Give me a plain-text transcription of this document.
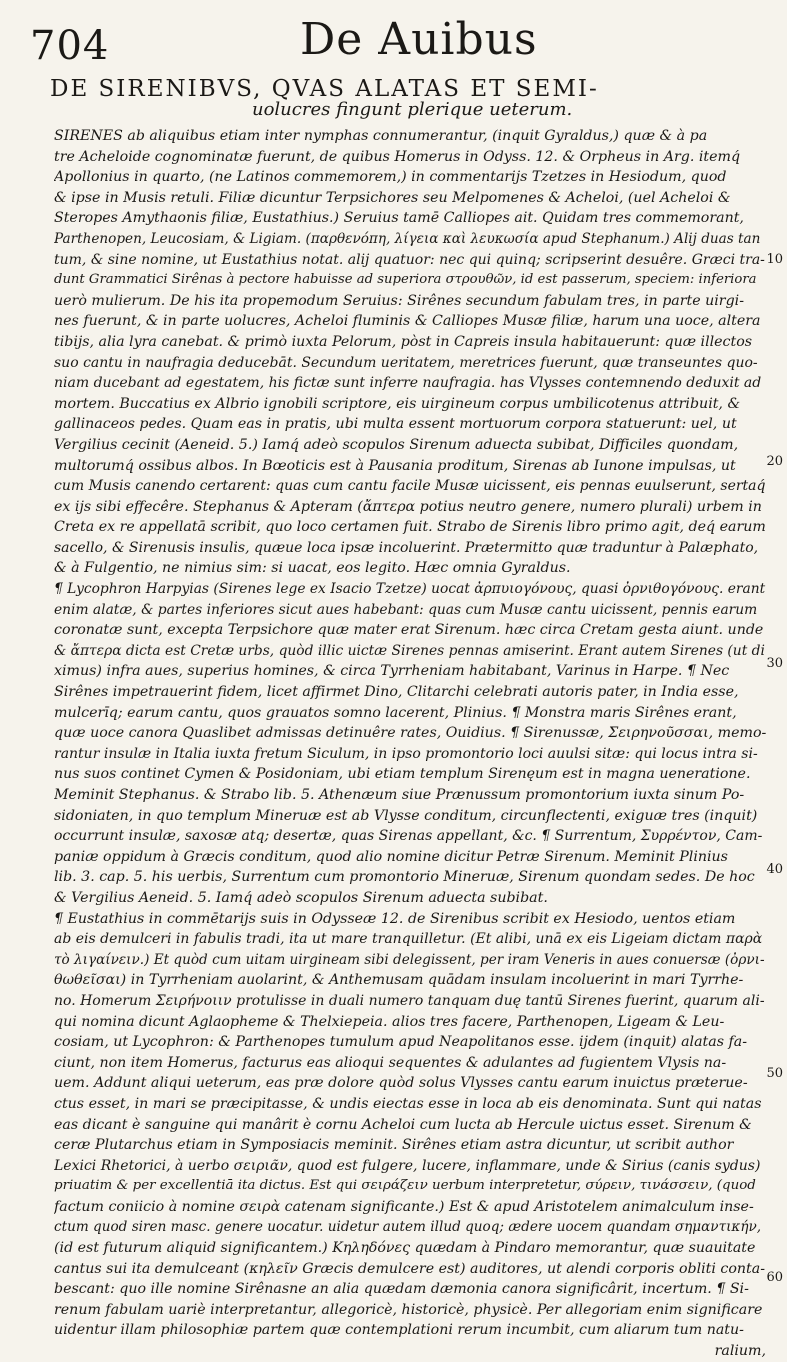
704	De Auibus
DE SIRENIBVS, QVAS ALATAS ET SEMI-
uolucres fingunt plerique ueterum.
SIRENES ab aliquibus etiam inter nymphas connumerantur, (inquit Gyraldus,) quæ & à pa
tre Acheloide cognominatæ fuerunt, de quibus Homerus in Odyss. 12. & Orpheus in Arg. itemq́
Apollonius in quarto, (ne Latinos commemorem,) in commentarijs Tzetzes in Hesiodum, quod
& ipse in Musis retuli. Filiæ dicuntur Terpsichores seu Melpomenes & Acheloi, (uel Acheloi &
Steropes Amythaonis filiæ, Eustathius.) Seruius tamē Calliopes ait. Quidam tres commemorant,
Parthenopen, Leucosiam, & Ligiam. (παρθενόπη, λίγεια καὶ λευκωσία apud Stephanum.) Alij duas tan
tum, & sine nomine, ut Eustathius notat. alij quatuor: nec qui quinq; scripserint desuêre. Græci tra-
dunt Grammatici Sirênas à pectore habuisse ad superiora στρουθῶν, id est passerum, speciem: inferiora
uerò mulierum. De his ita propemodum Seruius: Sirênes secundum fabulam tres, in parte uirgi-
nes fuerunt, & in parte uolucres, Acheloi fluminis & Calliopes Musæ filiæ, harum una uoce, altera
tibijs, alia lyra canebat. & primò iuxta Pelorum, pòst in Capreis insula habitauerunt: quæ illectos
suo cantu in naufragia deducebāt. Secundum ueritatem, meretrices fuerunt, quæ transeuntes quo-
niam ducebant ad egestatem, his fictæ sunt inferre naufragia. has Vlysses contemnendo deduxit ad
mortem. Buccatius ex Albrio ignobili scriptore, eis uirgineum corpus umbilicotenus attribuit, &
gallinaceos pedes. Quam eas in pratis, ubi multa essent mortuorum corpora statuerunt: uel, ut
Vergilius cecinit (Aeneid. 5.) Iamq́ adeò scopulos Sirenum aduecta subibat, Difficiles quondam,
multorumq́ ossibus albos. In Bœoticis est à Pausania proditum, Sirenas ab Iunone impulsas, ut
cum Musis canendo certarent: quas cum cantu facile Musæ uicissent, eis pennas euulserunt, sertaq́
ex ijs sibi effecêre. Stephanus & Apteram (ἄπτερα potius neutro genere, numero plurali) urbem in
Creta ex re appellatā scribit, quo loco certamen fuit. Strabo de Sirenis libro primo agit, deq́ earum
sacello, & Sirenusis insulis, quæue loca ipsæ incoluerint. Prætermitto quæ traduntur à Palæphato,
& à Fulgentio, ne nimius sim: si uacat, eos legito. Hæc omnia Gyraldus.
¶ Lycophron Harpyias (Sirenes lege ex Isacio Tzetze) uocat ἀρπυιογόνους, quasi ὀρνιθογόνους. erant
enim alatæ, & partes inferiores sicut aues habebant: quas cum Musæ cantu uicissent, pennis earum
coronatæ sunt, excepta Terpsichore quæ mater erat Sirenum. hæc circa Cretam gesta aiunt. unde
& ἄπτερα dicta est Cretæ urbs, quòd illic uictæ Sirenes pennas amiserint. Erant autem Sirenes (ut di
ximus) infra aues, superius homines, & circa Tyrrheniam habitabant, Varinus in Harpe. ¶ Nec
Sirênes impetrauerint fidem, licet affirmet Dino, Clitarchi celebrati autoris pater, in India esse,
mulcerīq; earum cantu, quos grauatos somno lacerent, Plinius. ¶ Monstra maris Sirênes erant,
quæ uoce canora Quaslibet admissas detinuêre rates, Ouidius. ¶ Sirenussæ, Σειρηνοῦσσαι, memo-
rantur insulæ in Italia iuxta fretum Siculum, in ipso promontorio loci auulsi sitæ: qui locus intra si-
nus suos continet Cymen & Posidoniam, ubi etiam templum Sirenęum est in magna ueneratione.
Meminit Stephanus. & Strabo lib. 5. Athenæum siue Prænussum promontorium iuxta sinum Po-
sidoniaten, in quo templum Mineruæ est ab Vlysse conditum, circunflectenti, exiguæ tres (inquit)
occurrunt insulæ, saxosæ atq; desertæ, quas Sirenas appellant, &c. ¶ Surrentum, Συρρέντον, Cam-
paniæ oppidum à Græcis conditum, quod alio nomine dicitur Petræ Sirenum. Meminit Plinius
lib. 3. cap. 5. his uerbis, Surrentum cum promontorio Mineruæ, Sirenum quondam sedes. De hoc
& Vergilius Aeneid. 5. Iamq́ adeò scopulos Sirenum aduecta subibat.
¶ Eustathius in commētarijs suis in Odysseæ 12. de Sirenibus scribit ex Hesiodo, uentos etiam
ab eis demulceri in fabulis tradi, ita ut mare tranquilletur. (Et alibi, unā ex eis Ligeiam dictam παρὰ
τὸ λιγαίνειν.) Et quòd cum uitam uirgineam sibi delegissent, per iram Veneris in aues conuersæ (ὀρνι-
θωθεῖσαι) in Tyrrheniam auolarint, & Anthemusam quādam insulam incoluerint in mari Tyrrhe-
no. Homerum Σειρήνοιιν protulisse in duali numero tanquam duę tantū Sirenes fuerint, quarum ali-
qui nomina dicunt Aglaopheme & Thelxiepeia. alios tres facere, Parthenopen, Ligeam & Leu-
cosiam, ut Lycophron: & Parthenopes tumulum apud Neapolitanos esse. ijdem (inquit) alatas fa-
ciunt, non item Homerus, facturus eas alioqui sequentes & adulantes ad fugientem Vlysis na-
uem. Addunt aliqui ueterum, eas præ dolore quòd solus Vlysses cantu earum inuictus præterue-
ctus esset, in mari se præcipitasse, & undis eiectas esse in loca ab eis denominata. Sunt qui natas
eas dicant è sanguine qui manârit è cornu Acheloi cum lucta ab Hercule uictus esset. Sirenum &
ceræ Plutarchus etiam in Symposiacis meminit. Sirênes etiam astra dicuntur, ut scribit author
Lexici Rhetorici, à uerbo σειριᾶν, quod est fulgere, lucere, inflammare, unde & Sirius (canis sydus)
priuatim & per excellentiā ita dictus. Est qui σειράζειν uerbum interpretetur, σύρειν, τινάσσειν, (quod
factum coniicio à nomine σειρὰ catenam significante.) Est & apud Aristotelem animalculum inse-
ctum quod siren masc. genere uocatur. uidetur autem illud quoq; ædere uocem quandam σημαντικήν,
(id est futurum aliquid significantem.) Κηληδόνες quædam à Pindaro memorantur, quæ suauitate
cantus sui ita demulceant (κηλεῖν Græcis demulcere est) auditores, ut alendi corporis obliti conta-
bescant: quo ille nomine Sirênasne an alia quædam dæmonia canora significârit, incertum. ¶ Si-
renum fabulam uariè interpretantur, allegoricè, historicè, physicè. Per allegoriam enim significare
uidentur illam philosophiæ partem quæ contemplationi rerum incumbit, cum aliarum tum natu-
ralium,
10
20
30
40
50
60
